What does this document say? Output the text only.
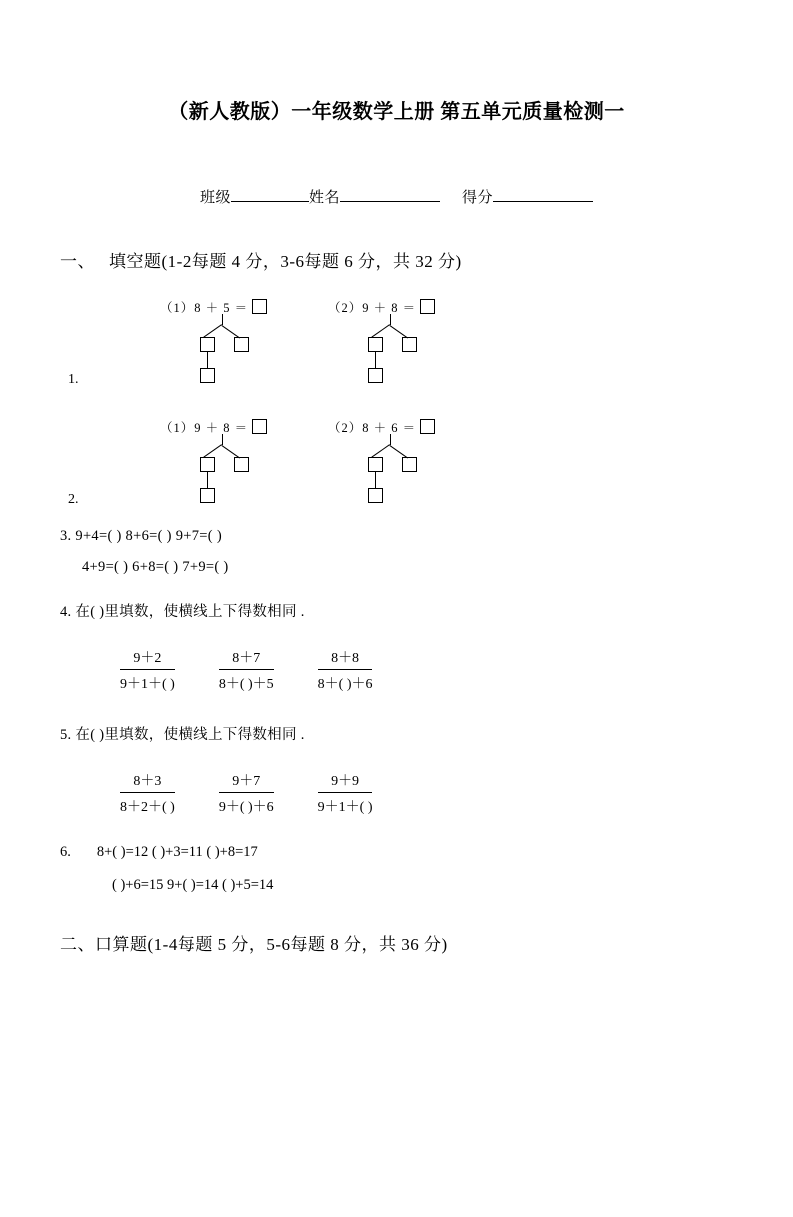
（新人教版）一年级数学上册 第五单元质量检测一
班级	姓名	得分
一、 填空题(1-2每题 4 分，3-6每题 6 分，共 32 分)
1.
（1）8 ＋ 5 ＝	（2）9 ＋ 8 ＝
2.
（1）9 ＋ 8 ＝	（2）8 ＋ 6 ＝
3. 9+4=( ) 8+6=( ) 9+7=( )
4+9=( ) 6+8=( ) 7+9=( )
4. 在( )里填数，使横线上下得数相同 .
$\frac{9+2}{9+1+( )}$	$\frac{8+7}{8+( )+5}$	$\frac{8+8}{8+( )+6}$
5. 在( )里填数，使横线上下得数相同 .
$\frac{8+3}{8+2+( )}$	$\frac{9+7}{9+( )+6}$	$\frac{9+9}{9+1+( )}$
6. 8+( )=12 ( )+3=11 ( )+8=17
( )+6=15 9+( )=14 ( )+5=14
二、口算题(1-4每题 5 分，5-6每题 8 分，共 36 分)
